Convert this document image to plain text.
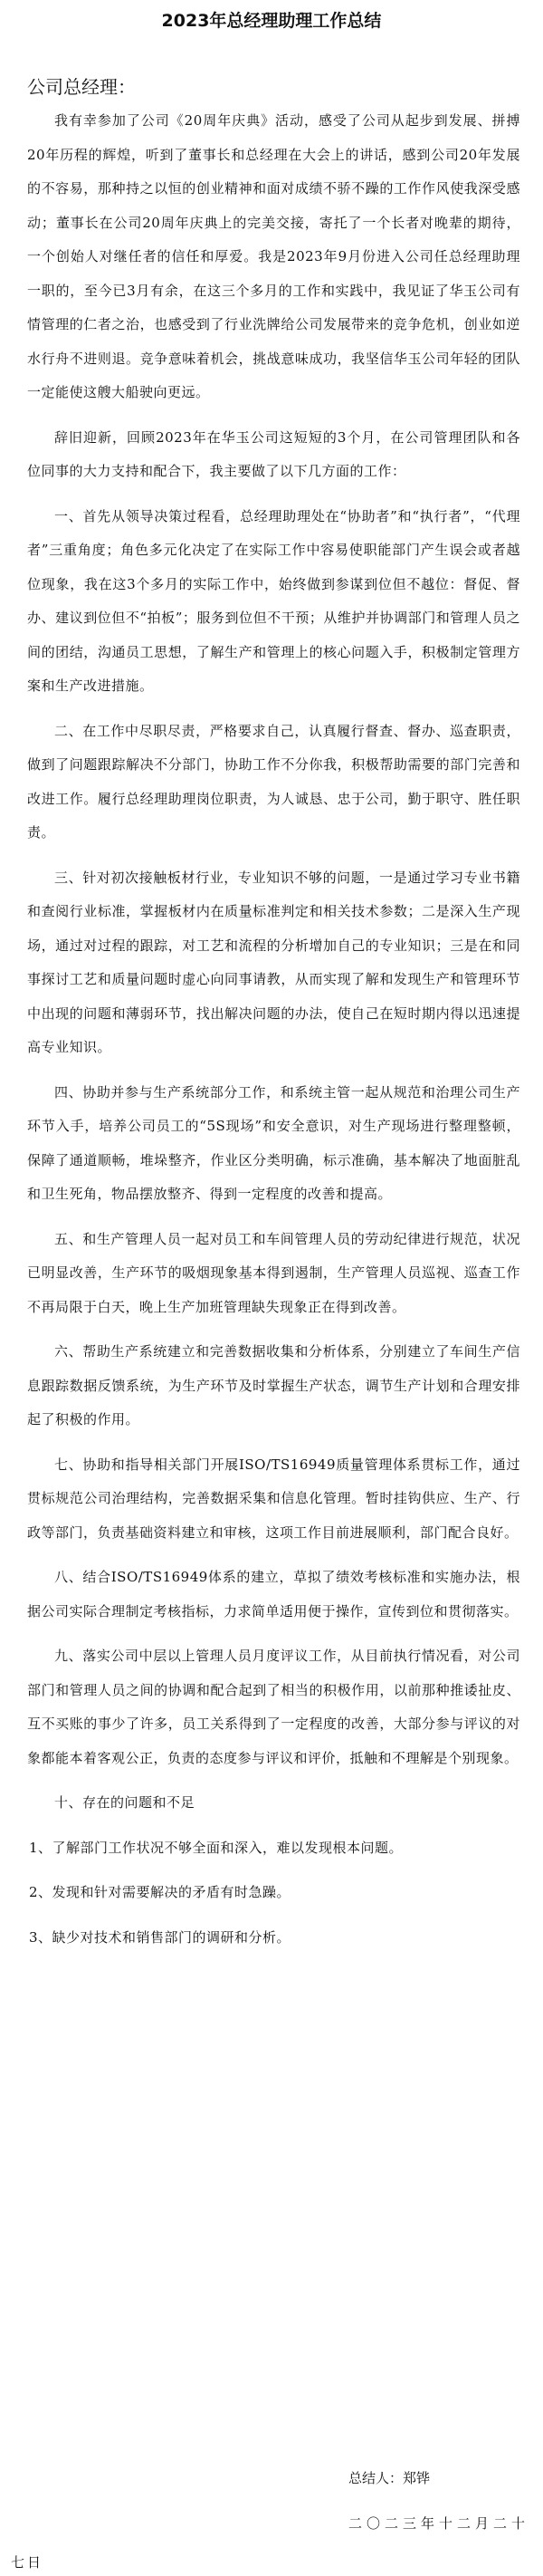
2023年总经理助理工作总结
公司总经理：

我有幸参加了公司《20周年庆典》活动，感受了公司从起步到发展、拼搏20年历程的辉煌，听到了董事长和总经理在大会上的讲话，感到公司20年发展的不容易，那种持之以恒的创业精神和面对成绩不骄不躁的工作作风使我深受感动；董事长在公司20周年庆典上的完美交接，寄托了一个长者对晚辈的期待，一个创始人对继任者的信任和厚爱。我是2023年9月份进入公司任总经理助理一职的，至今已3月有余，在这三个多月的工作和实践中，我见证了华玉公司有情管理的仁者之治，也感受到了行业洗牌给公司发展带来的竞争危机，创业如逆水行舟不进则退。竞争意味着机会，挑战意味成功，我坚信华玉公司年轻的团队一定能使这艘大船驶向更远。

辞旧迎新，回顾2023年在华玉公司这短短的3个月，在公司管理团队和各位同事的大力支持和配合下，我主要做了以下几方面的工作：

一、首先从领导决策过程看，总经理助理处在“协助者”和“执行者”，“代理者”三重角度；角色多元化决定了在实际工作中容易使职能部门产生误会或者越位现象，我在这3个多月的实际工作中，始终做到参谋到位但不越位：督促、督办、建议到位但不“拍板”；服务到位但不干预；从维护并协调部门和管理人员之间的团结，沟通员工思想，了解生产和管理上的核心问题入手，积极制定管理方案和生产改进措施。

二、在工作中尽职尽责，严格要求自己，认真履行督查、督办、巡查职责，做到了问题跟踪解决不分部门，协助工作不分你我，积极帮助需要的部门完善和改进工作。履行总经理助理岗位职责，为人诚恳、忠于公司，勤于职守、胜任职责。

三、针对初次接触板材行业，专业知识不够的问题，一是通过学习专业书籍和查阅行业标准，掌握板材内在质量标准判定和相关技术参数；二是深入生产现场，通过对过程的跟踪，对工艺和流程的分析增加自己的专业知识；三是在和同事探讨工艺和质量问题时虚心向同事请教，从而实现了解和发现生产和管理环节中出现的问题和薄弱环节，找出解决问题的办法，使自己在短时期内得以迅速提高专业知识。

四、协助并参与生产系统部分工作，和系统主管一起从规范和治理公司生产环节入手，培养公司员工的“5S现场”和安全意识，对生产现场进行整理整顿，保障了通道顺畅，堆垛整齐，作业区分类明确，标示准确，基本解决了地面脏乱和卫生死角，物品摆放整齐、得到一定程度的改善和提高。

五、和生产管理人员一起对员工和车间管理人员的劳动纪律进行规范，状况已明显改善，生产环节的吸烟现象基本得到遏制，生产管理人员巡视、巡查工作不再局限于白天，晚上生产加班管理缺失现象正在得到改善。

六、帮助生产系统建立和完善数据收集和分析体系，分别建立了车间生产信息跟踪数据反馈系统，为生产环节及时掌握生产状态，调节生产计划和合理安排起了积极的作用。

七、协助和指导相关部门开展ISO/TS16949质量管理体系贯标工作，通过贯标规范公司治理结构，完善数据采集和信息化管理。暂时挂钩供应、生产、行政等部门，负责基础资料建立和审核，这项工作目前进展顺利，部门配合良好。

八、结合ISO/TS16949体系的建立，草拟了绩效考核标准和实施办法，根据公司实际合理制定考核指标，力求简单适用便于操作，宣传到位和贯彻落实。

九、落实公司中层以上管理人员月度评议工作，从目前执行情况看，对公司部门和管理人员之间的协调和配合起到了相当的积极作用，以前那种推诿扯皮、互不买账的事少了许多，员工关系得到了一定程度的改善，大部分参与评议的对象都能本着客观公正，负责的态度参与评议和评价，抵触和不理解是个别现象。

十、存在的问题和不足

1、了解部门工作状况不够全面和深入，难以发现根本问题。

2、发现和针对需要解决的矛盾有时急躁。

3、缺少对技术和销售部门的调研和分析。

总结人：郑铧
二〇二三年十二月二十
七日
